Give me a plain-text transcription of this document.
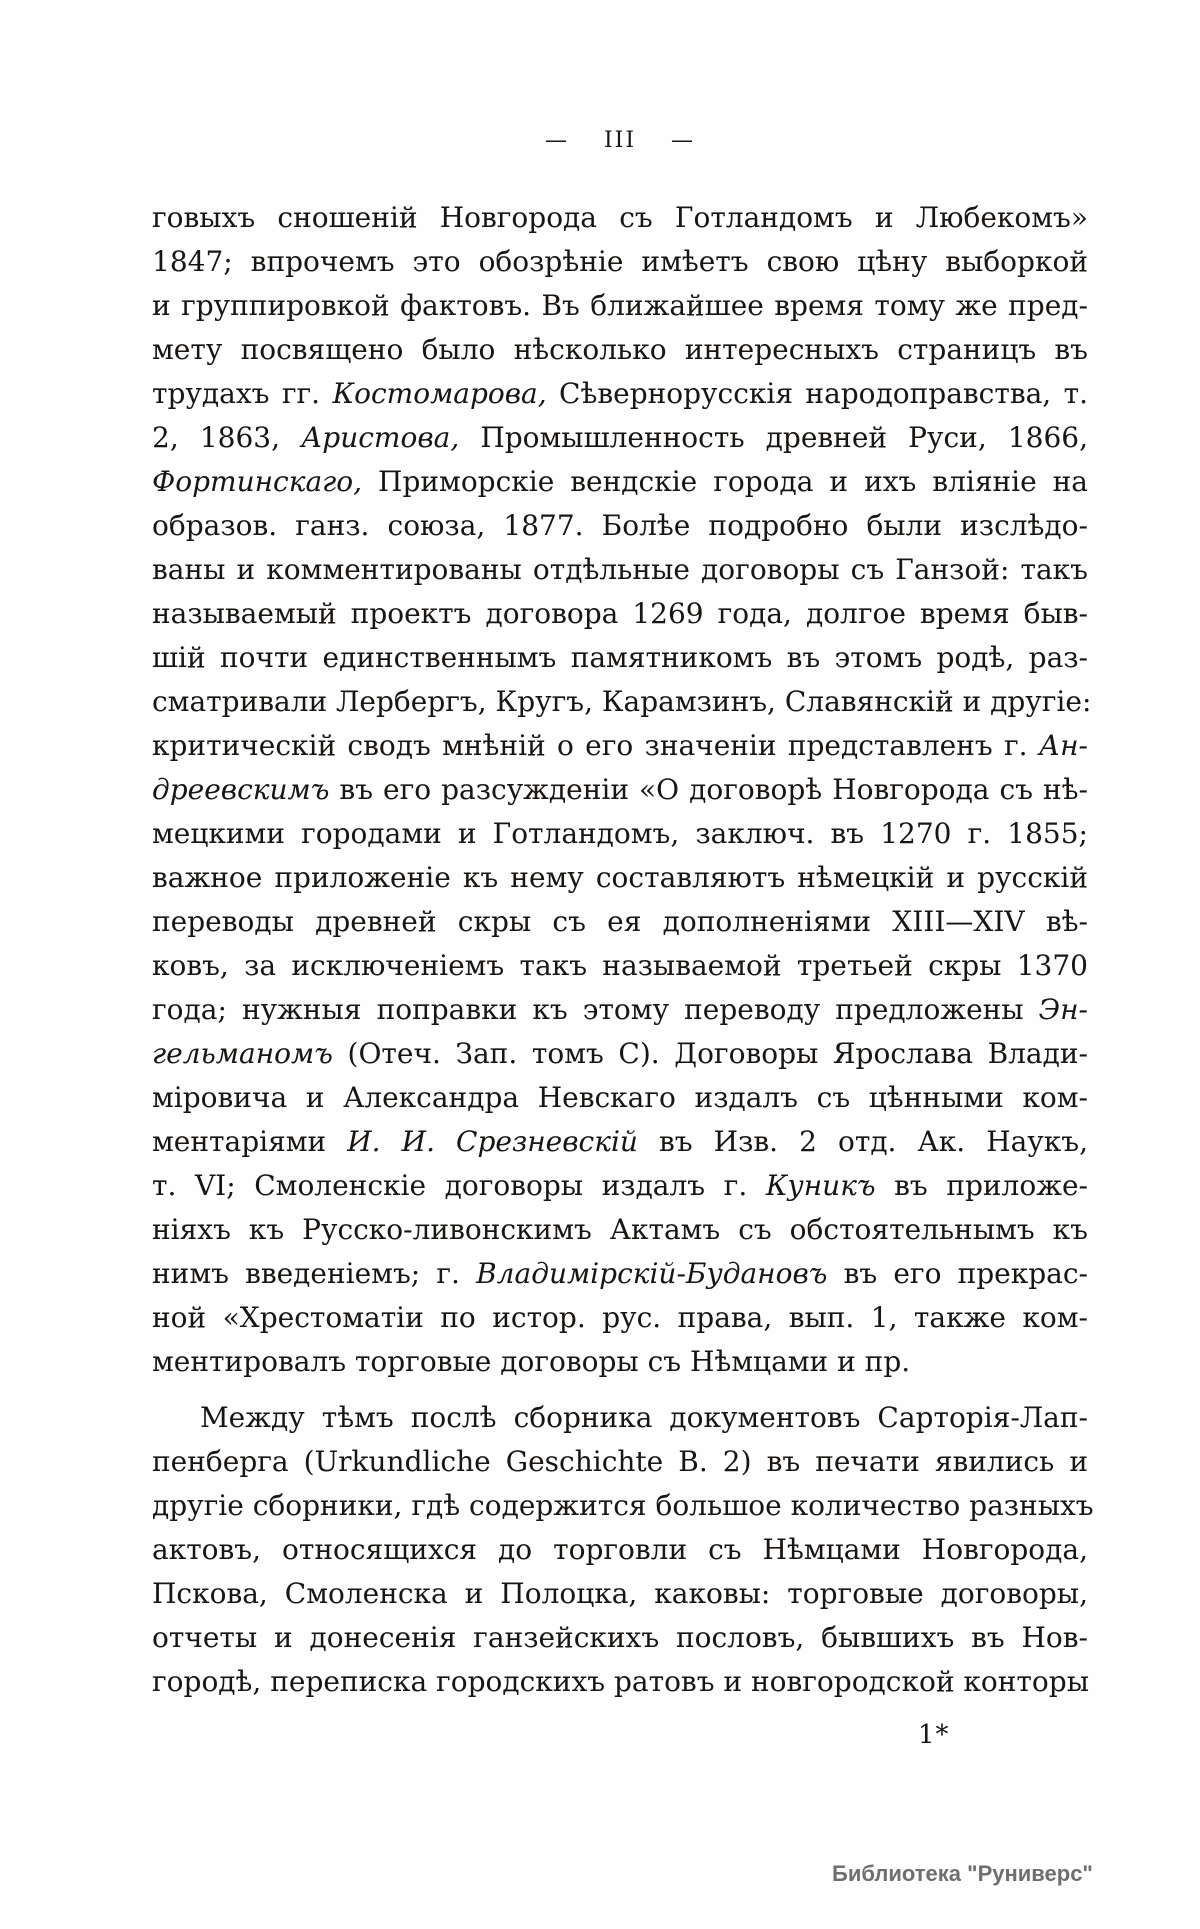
— III —
говыхъ сношеній Новгорода съ Готландомъ и Любекомъ»
1847; впрочемъ это обозрѣніе имѣетъ свою цѣну выборкой
и группировкой фактовъ. Въ ближайшее время тому же пред-
мету посвящено было нѣсколько интересныхъ страницъ въ
трудахъ гг. Костомарова, Сѣвернорусскія народоправства, т.
2, 1863, Аристова, Промышленность древней Руси, 1866,
Фортинскаго, Приморскіе вендскіе города и ихъ вліяніе на
образов. ганз. союза, 1877. Болѣе подробно были изслѣдо-
ваны и комментированы отдѣльные договоры съ Ганзой: такъ
называемый проектъ договора 1269 года, долгое время быв-
шій почти единственнымъ памятникомъ въ этомъ родѣ, раз-
сматривали Лербергъ, Кругъ, Карамзинъ, Славянскій и другіе:
критическій сводъ мнѣній о его значеніи представленъ г. Ан-
дреевскимъ въ его разсужденіи «О договорѣ Новгорода съ нѣ-
мецкими городами и Готландомъ, заключ. въ 1270 г. 1855;
важное приложеніе къ нему составляютъ нѣмецкій и русскій
переводы древней скры съ ея дополненіями XIII—XIV вѣ-
ковъ, за исключеніемъ такъ называемой третьей скры 1370
года; нужныя поправки къ этому переводу предложены Эн-
гельманомъ (Отеч. Зап. томъ С). Договоры Ярослава Влади-
міровича и Александра Невскаго издалъ съ цѣнными ком-
ментаріями И. И. Срезневскій въ Изв. 2 отд. Ак. Наукъ,
т. VI; Смоленскіе договоры издалъ г. Куникъ въ приложе-
ніяхъ къ Русско-ливонскимъ Актамъ съ обстоятельнымъ къ
нимъ введеніемъ; г. Владимірскій-Будановъ въ его прекрас-
ной «Хрестоматіи по истор. рус. права, вып. 1, также ком-
ментировалъ торговые договоры съ Нѣмцами и пр.
Между тѣмъ послѣ сборника документовъ Сарторія-Лап-
пенберга (Urkundliche Geschichte B. 2) въ печати явились и
другіе сборники, гдѣ содержится большое количество разныхъ
актовъ, относящихся до торговли съ Нѣмцами Новгорода,
Пскова, Смоленска и Полоцка, каковы: торговые договоры,
отчеты и донесенія ганзейскихъ пословъ, бывшихъ въ Нов-
городѣ, переписка городскихъ ратовъ и новгородской конторы
1*
Библиотека "Руниверс"
